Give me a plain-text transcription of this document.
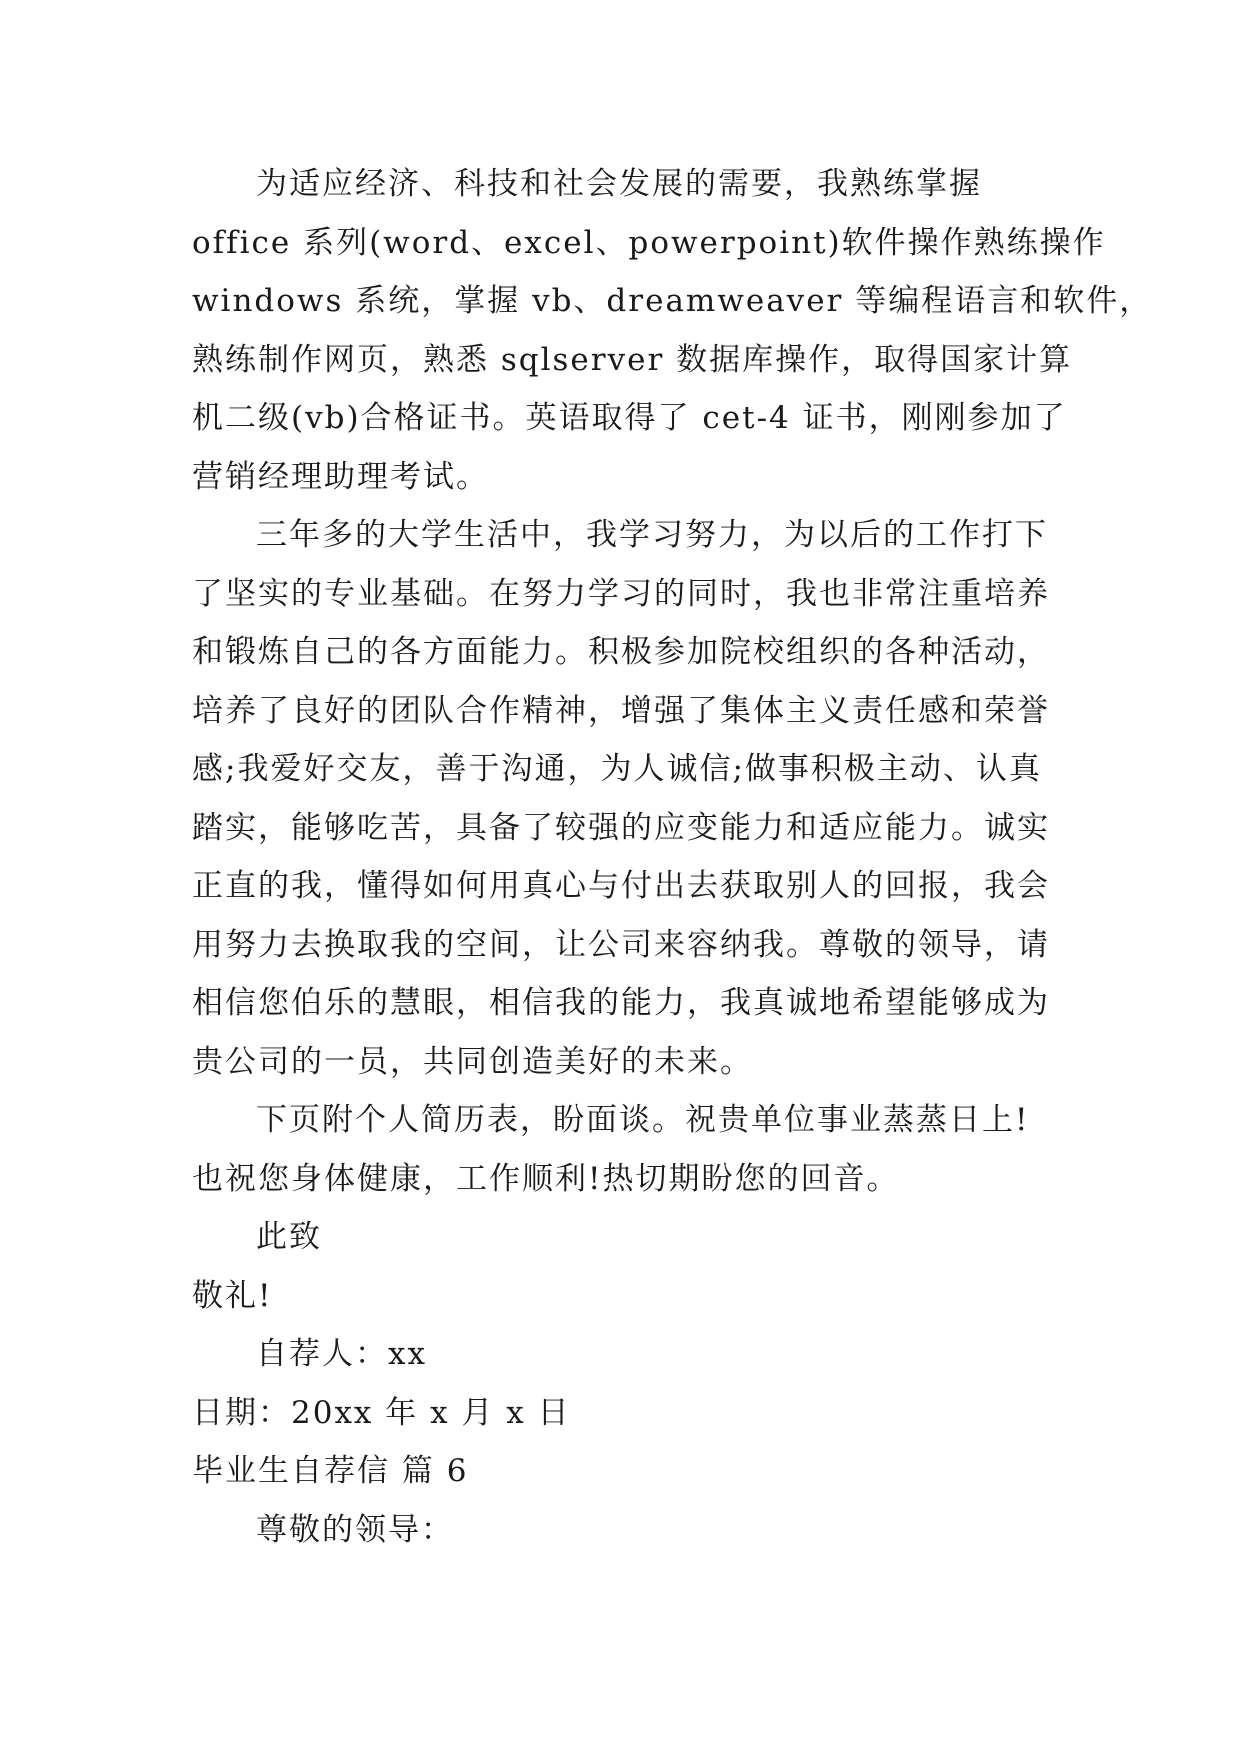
为适应经济、科技和社会发展的需要，我熟练掌握
office 系列(word、excel、powerpoint)软件操作熟练操作
windows 系统，掌握 vb、dreamweaver 等编程语言和软件，
熟练制作网页，熟悉 sqlserver 数据库操作，取得国家计算
机二级(vb)合格证书。英语取得了 cet-4 证书，刚刚参加了
营销经理助理考试。
三年多的大学生活中，我学习努力，为以后的工作打下
了坚实的专业基础。在努力学习的同时，我也非常注重培养
和锻炼自己的各方面能力。积极参加院校组织的各种活动，
培养了良好的团队合作精神，增强了集体主义责任感和荣誉
感;我爱好交友，善于沟通，为人诚信;做事积极主动、认真
踏实，能够吃苦，具备了较强的应变能力和适应能力。诚实
正直的我，懂得如何用真心与付出去获取别人的回报，我会
用努力去换取我的空间，让公司来容纳我。尊敬的领导，请
相信您伯乐的慧眼，相信我的能力，我真诚地希望能够成为
贵公司的一员，共同创造美好的未来。
下页附个人简历表，盼面谈。祝贵单位事业蒸蒸日上!
也祝您身体健康，工作顺利!热切期盼您的回音。
此致
敬礼!
自荐人：xx
日期：20xx 年 x 月 x 日
毕业生自荐信 篇 6
尊敬的领导：
